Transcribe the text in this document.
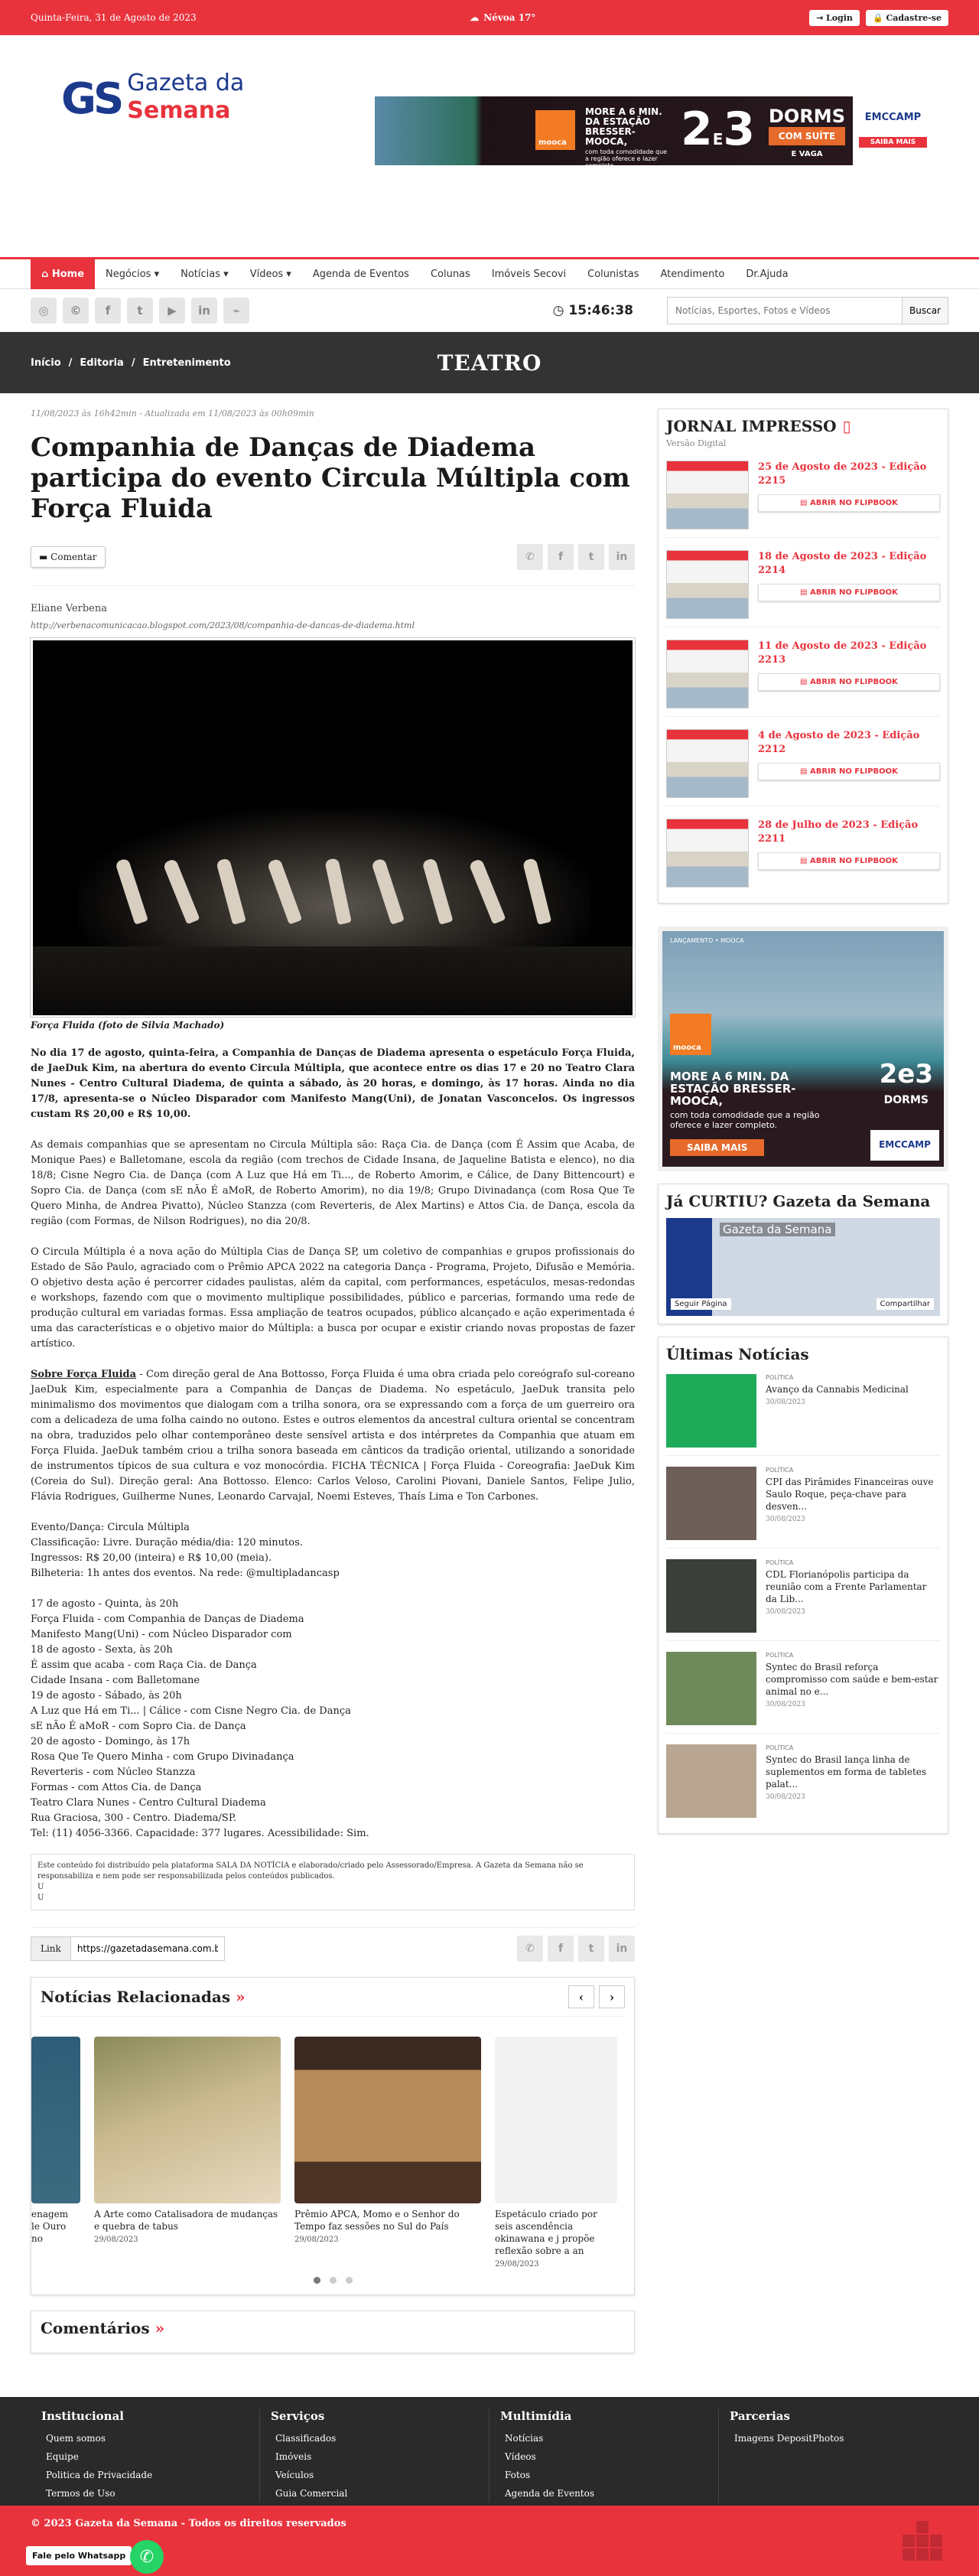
Quinta-Feira, 31 de Agosto de 2023	☁ Névoa 17°	⇥ Login	🔒 Cadastre-se
GS Gazeta da
Semana
mooca
MORE A 6 MIN. DA ESTAÇÃO BRESSER-MOOCA,
com toda comodidade que a região oferece e lazer completo.
2E3 DORMS
COM SUÍTE
E VAGA
EMCCAMP
SAIBA MAIS
⌂ Home Negócios ▾	Notícias ▾	Vídeos ▾	Agenda de Eventos	Colunas	Imóveis Secovi	Colunistas	Atendimento	Dr.Ajuda
◎	©	f	t	▶	in	⌁	◷ 15:46:38
Notícias, Esportes, Fotos e Vídeos	Buscar
Início / Editoria / Entretenimento	TEATRO
11/08/2023 às 16h42min - Atualizada em 11/08/2023 às 00h09min
Companhia de Danças de Diadema participa do evento Circula Múltipla com Força Fluida
▬ Comentar	✆	f	t	in
Eliane Verbena
http://verbenacomunicacao.blogspot.com/2023/08/companhia-de-dancas-de-diadema.html
Força Fluida (foto de Silvia Machado)

No dia 17 de agosto, quinta-feira, a Companhia de Danças de Diadema apresenta o espetáculo Força Fluida, de JaeDuk Kim, na abertura do evento Circula Múltipla, que acontece entre os dias 17 e 20 no Teatro Clara Nunes - Centro Cultural Diadema, de quinta a sábado, às 20 horas, e domingo, às 17 horas. Ainda no dia 17/8, apresenta-se o Núcleo Disparador com Manifesto Mang(Uni), de Jonatan Vasconcelos. Os ingressos custam R$ 20,00 e R$ 10,00.

As demais companhias que se apresentam no Circula Múltipla são: Raça Cia. de Dança (com É Assim que Acaba, de Monique Paes) e Balletomane, escola da região (com trechos de Cidade Insana, de Jaqueline Batista e elenco), no dia 18/8; Cisne Negro Cia. de Dança (com A Luz que Há em Ti..., de Roberto Amorim, e Cálice, de Dany Bittencourt) e Sopro Cia. de Dança (com sE nÃo É aMoR, de Roberto Amorim), no dia 19/8; Grupo Divinadança (com Rosa Que Te Quero Minha, de Andrea Pivatto), Núcleo Stanzza (com Reverteris, de Alex Martins) e Attos Cia. de Dança, escola da região (com Formas, de Nilson Rodrigues), no dia 20/8.

O Circula Múltipla é a nova ação do Múltipla Cias de Dança SP, um coletivo de companhias e grupos profissionais do Estado de São Paulo, agraciado com o Prêmio APCA 2022 na categoria Dança - Programa, Projeto, Difusão e Memória. O objetivo desta ação é percorrer cidades paulistas, além da capital, com performances, espetáculos, mesas-redondas e workshops, fazendo com que o movimento multiplique possibilidades, público e parcerias, formando uma rede de produção cultural em variadas formas. Essa ampliação de teatros ocupados, público alcançado e ação experimentada é uma das características e o objetivo maior do Múltipla: a busca por ocupar e existir criando novas propostas de fazer artístico.

Sobre Força Fluida - Com direção geral de Ana Bottosso, Força Fluida é uma obra criada pelo coreógrafo sul-coreano JaeDuk Kim, especialmente para a Companhia de Danças de Diadema. No espetáculo, JaeDuk transita pelo minimalismo dos movimentos que dialogam com a trilha sonora, ora se expressando com a força de um guerreiro ora com a delicadeza de uma folha caindo no outono. Estes e outros elementos da ancestral cultura oriental se concentram na obra, traduzidos pelo olhar contemporâneo deste sensível artista e dos intérpretes da Companhia que atuam em Força Fluida. JaeDuk também criou a trilha sonora baseada em cânticos da tradição oriental, utilizando a sonoridade de instrumentos típicos de sua cultura e voz monocórdia. FICHA TÉCNICA | Força Fluida - Coreografia: JaeDuk Kim (Coreia do Sul). Direção geral: Ana Bottosso. Elenco: Carlos Veloso, Carolini Piovani, Daniele Santos, Felipe Julio, Flávia Rodrigues, Guilherme Nunes, Leonardo Carvajal, Noemi Esteves, Thaís Lima e Ton Carbones.

Evento/Dança: Circula Múltipla
Classificação: Livre. Duração média/dia: 120 minutos.
Ingressos: R$ 20,00 (inteira) e R$ 10,00 (meia).
Bilheteria: 1h antes dos eventos. Na rede: @multipladancasp
17 de agosto - Quinta, às 20h
Força Fluida - com Companhia de Danças de Diadema
Manifesto Mang(Uni) - com Núcleo Disparador com
18 de agosto - Sexta, às 20h
É assim que acaba - com Raça Cia. de Dança
Cidade Insana - com Balletomane
19 de agosto - Sábado, às 20h
A Luz que Há em Ti... | Cálice - com Cisne Negro Cia. de Dança
sE nÃo É aMoR - com Sopro Cia. de Dança
20 de agosto - Domingo, às 17h
Rosa Que Te Quero Minha - com Grupo Divinadança
Reverteris - com Núcleo Stanzza
Formas - com Attos Cia. de Dança
Teatro Clara Nunes - Centro Cultural Diadema
Rua Graciosa, 300 - Centro. Diadema/SP.
Tel: (11) 4056-3366. Capacidade: 377 lugares. Acessibilidade: Sim.
Este conteúdo foi distribuído pela plataforma SALA DA NOTÍCIA e elaborado/criado pelo Assessorado/Empresa. A Gazeta da Semana não se responsabiliza e nem pode ser responsabilizada pelos conteúdos publicados.
U
U
Link
https://gazetadasemana.com.br/	✆	f	t	in
Notícias Relacionadas »	‹	›
enagem
le Ouro no
A Arte como Catalisadora de mudanças e quebra de tabus
29/08/2023
Prêmio APCA, Momo e o Senhor do Tempo faz sessões no Sul do País
29/08/2023
Espetáculo criado por seis ascendência okinawana e j propõe reflexão sobre a an
29/08/2023
Comentários »
JORNAL IMPRESSO ▯
Versão Digital
25 de Agosto de 2023 - Edição 2215
▤ ABRIR NO FLIPBOOK
18 de Agosto de 2023 - Edição 2214
▤ ABRIR NO FLIPBOOK
11 de Agosto de 2023 - Edição 2213
▤ ABRIR NO FLIPBOOK
4 de Agosto de 2023 - Edição 2212
▤ ABRIR NO FLIPBOOK
28 de Julho de 2023 - Edição 2211
▤ ABRIR NO FLIPBOOK
LANÇAMENTO • MOOCA
mooca
MORE A 6 MIN. DA ESTAÇÃO BRESSER-MOOCA,
com toda comodidade que a região oferece e lazer completo.
2e3
DORMS
SAIBA MAIS	EMCCAMP
Já CURTIU? Gazeta da Semana
Gazeta da Semana
Seguir Página	Compartilhar
Últimas Notícias
POLÍTICA
Avanço da Cannabis Medicinal
30/08/2023
POLÍTICA
CPI das Pirâmides Financeiras ouve Saulo Roque, peça-chave para desven...
30/08/2023
POLÍTICA
CDL Florianópolis participa da reunião com a Frente Parlamentar da Lib...
30/08/2023
POLÍTICA
Syntec do Brasil reforça compromisso com saúde e bem-estar animal no e...
30/08/2023
POLÍTICA
Syntec do Brasil lança linha de suplementos em forma de tabletes palat...
30/08/2023
Institucional
Quem somos
Equipe
Politica de Privacidade
Termos de Uso
Serviços
Classificados
Imóveis
Veículos
Guia Comercial
Multimídia
Notícias
Vídeos
Fotos
Agenda de Eventos
Parcerias
Imagens DepositPhotos
© 2023 Gazeta da Semana - Todos os direitos reservados
Fale pelo Whatsapp ✆
